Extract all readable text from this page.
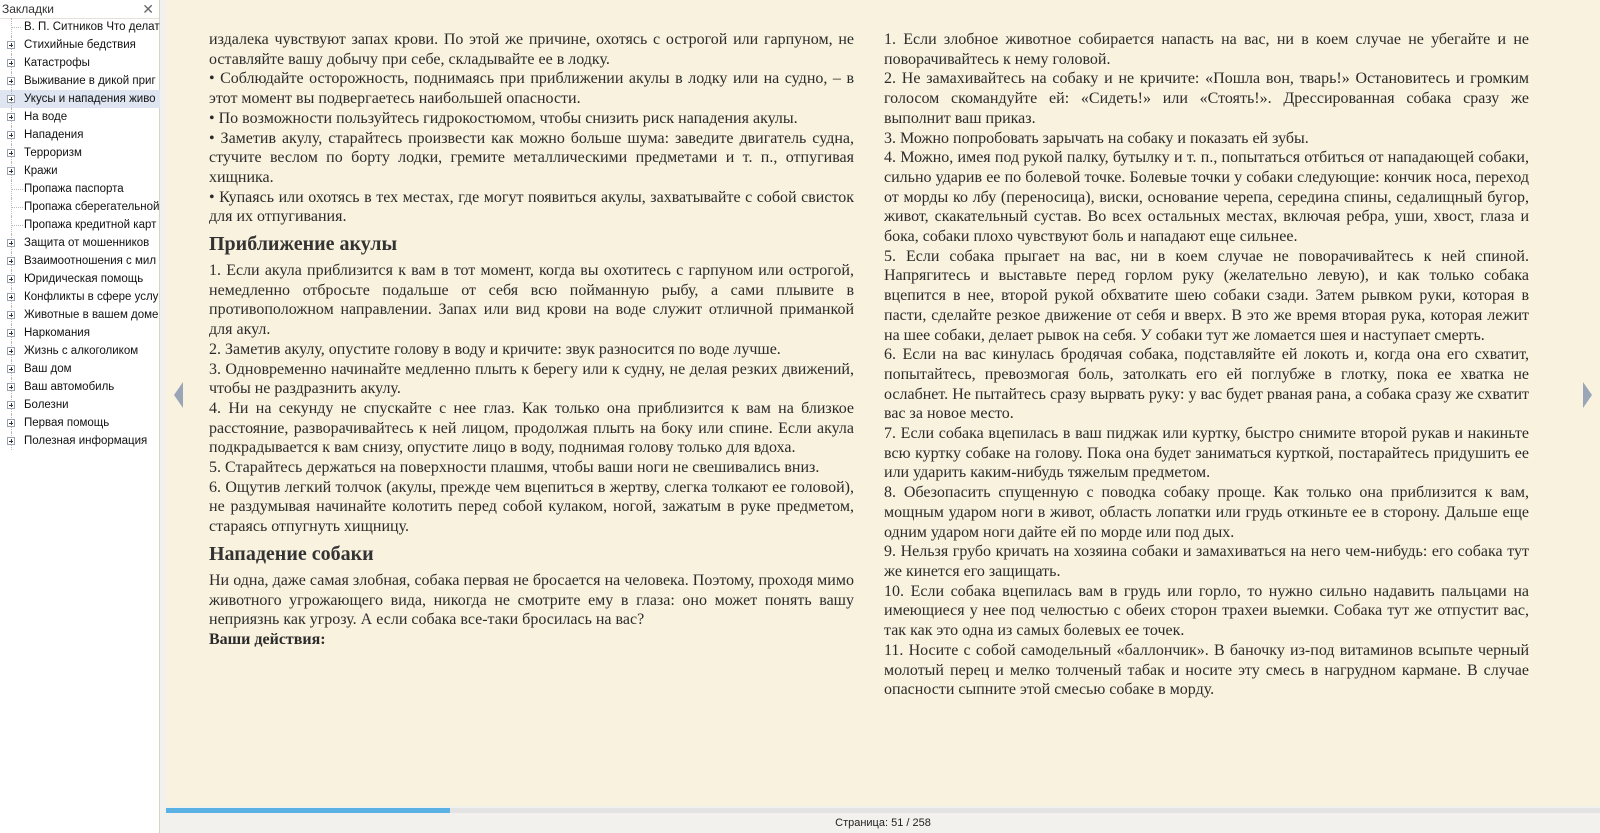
Закладки	✕
В. П. Ситников Что делат
Стихийные бедствия
Катастрофы
Выживание в дикой приг
Укусы и нападения живо
На воде
Нападения
Терроризм
Кражи
Пропажа паспорта
Пропажа сберегательной
Пропажа кредитной карт
Защита от мошенников
Взаимоотношения с мил
Юридическая помощь
Конфликты в сфере услу
Животные в вашем доме
Наркомания
Жизнь с алкоголиком
Ваш дом
Ваш автомобиль
Болезни
Первая помощь
Полезная информация

издалека чувствуют запах крови. По этой же причине, охотясь с острогой или гарпуном, не оставляйте вашу добычу при себе, складывайте ее в лодку.

• Соблюдайте осторожность, поднимаясь при приближении акулы в лодку или на судно, – в этот момент вы подвергаетесь наибольшей опасности.

• По возможности пользуйтесь гидрокостюмом, чтобы снизить риск нападения акулы.

• Заметив акулу, старайтесь произвести как можно больше шума: заведите двигатель судна, стучите веслом по борту лодки, гремите металлическими предметами и т. п., отпугивая хищника.

• Купаясь или охотясь в тех местах, где могут появиться акулы, захватывайте с собой свисток для их отпугивания.

Приближение акулы

1. Если акула приблизится к вам в тот момент, когда вы охотитесь с гарпуном или острогой, немедленно отбросьте подальше от себя всю пойманную рыбу, а сами плывите в противоположном направлении. Запах или вид крови на воде служит отличной приманкой для акул.

2. Заметив акулу, опустите голову в воду и кричите: звук разносится по воде лучше.

3. Одновременно начинайте медленно плыть к берегу или к судну, не делая резких движений, чтобы не раздразнить акулу.

4. Ни на секунду не спускайте с нее глаз. Как только она приблизится к вам на близкое расстояние, разворачивайтесь к ней лицом, продолжая плыть на боку или спине. Если акула подкрадывается к вам снизу, опустите лицо в воду, поднимая голову только для вдоха.

5. Старайтесь держаться на поверхности плашмя, чтобы ваши ноги не свешивались вниз.

6. Ощутив легкий толчок (акулы, прежде чем вцепиться в жертву, слегка толкают ее головой), не раздумывая начинайте колотить перед собой кулаком, ногой, зажатым в руке предметом, стараясь отпугнуть хищницу.

Нападение собаки

Ни одна, даже самая злобная, собака первая не бросается на человека. Поэтому, проходя мимо животного угрожающего вида, никогда не смотрите ему в глаза: оно может понять вашу неприязнь как угрозу. А если собака все-таки бросилась на вас?

Ваши действия:

1. Если злобное животное собирается напасть на вас, ни в коем случае не убегайте и не поворачивайтесь к нему головой.

2. Не замахивайтесь на собаку и не кричите: «Пошла вон, тварь!» Остановитесь и громким голосом скомандуйте ей: «Сидеть!» или «Стоять!». Дрессированная собака сразу же выполнит ваш приказ.

3. Можно попробовать зарычать на собаку и показать ей зубы.

4. Можно, имея под рукой палку, бутылку и т. п., попытаться отбиться от нападающей собаки, сильно ударив ее по болевой точке. Болевые точки у собаки следующие: кончик носа, переход от морды ко лбу (переносица), виски, основание черепа, середина спины, седалищный бугор, живот, скакательный сустав. Во всех остальных местах, включая ребра, уши, хвост, глаза и бока, собаки плохо чувствуют боль и нападают еще сильнее.

5. Если собака прыгает на вас, ни в коем случае не поворачивайтесь к ней спиной. Напрягитесь и выставьте перед горлом руку (желательно левую), и как только собака вцепится в нее, второй рукой обхватите шею собаки сзади. Затем рывком руки, которая в пасти, сделайте резкое движение от себя и вверх. В это же время вторая рука, которая лежит на шее собаки, делает рывок на себя. У собаки тут же ломается шея и наступает смерть.

6. Если на вас кинулась бродячая собака, подставляйте ей локоть и, когда она его схватит, попытайтесь, превозмогая боль, затолкать его ей поглубже в глотку, пока ее хватка не ослабнет. Не пытайтесь сразу вырвать руку: у вас будет рваная рана, а собака сразу же схватит вас за новое место.

7. Если собака вцепилась в ваш пиджак или куртку, быстро снимите второй рукав и накиньте всю куртку собаке на голову. Пока она будет заниматься курткой, постарайтесь придушить ее или ударить каким-нибудь тяжелым предметом.

8. Обезопасить спущенную с поводка собаку проще. Как только она приблизится к вам, мощным ударом ноги в живот, область лопатки или грудь откиньте ее в сторону. Дальше еще одним ударом ноги дайте ей по морде или под дых.

9. Нельзя грубо кричать на хозяина собаки и замахиваться на него чем-нибудь: его собака тут же кинется его защищать.

10. Если собака вцепилась вам в грудь или горло, то нужно сильно надавить пальцами на имеющиеся у нее под челюстью с обеих сторон трахеи выемки. Собака тут же отпустит вас, так как это одна из самых болевых ее точек.

11. Носите с собой самодельный «баллончик». В баночку из-под витаминов всыпьте черный молотый перец и мелко толченый табак и носите эту смесь в нагрудном кармане. В случае опасности сыпните этой смесью собаке в морду.

Страница: 51 / 258
